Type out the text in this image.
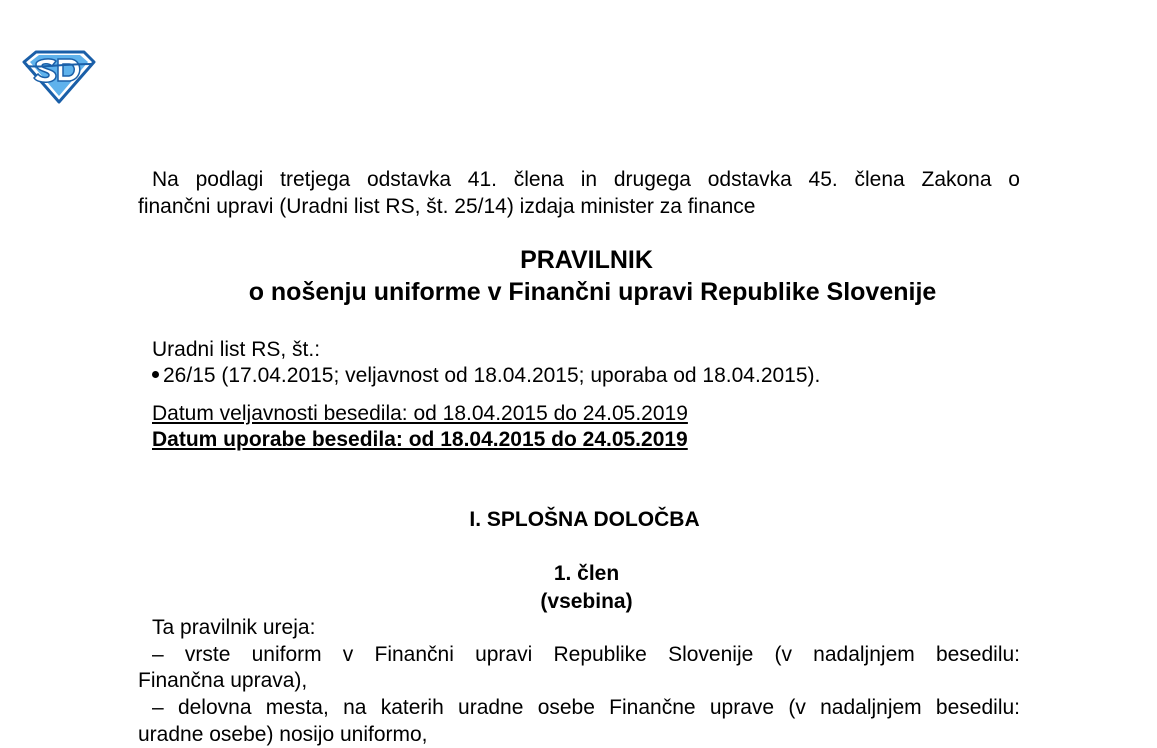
Na podlagi tretjega odstavka 41. člena in drugega odstavka 45. člena Zakona o

finančni upravi (Uradni list RS, št. 25/14) izdaja minister za finance

PRAVILNIK

o nošenju uniforme v Finančni upravi Republike Slovenije

Uradni list RS, št.:

26/15 (17.04.2015; veljavnost od 18.04.2015; uporaba od 18.04.2015).

Datum veljavnosti besedila: od 18.04.2015 do 24.05.2019

Datum uporabe besedila: od 18.04.2015 do 24.05.2019

I. SPLOŠNA DOLOČBA

1. člen

(vsebina)

Ta pravilnik ureja:

– vrste uniform v Finančni upravi Republike Slovenije (v nadaljnjem besedilu:

Finančna uprava),

– delovna mesta, na katerih uradne osebe Finančne uprave (v nadaljnjem besedilu:

uradne osebe) nosijo uniformo,
